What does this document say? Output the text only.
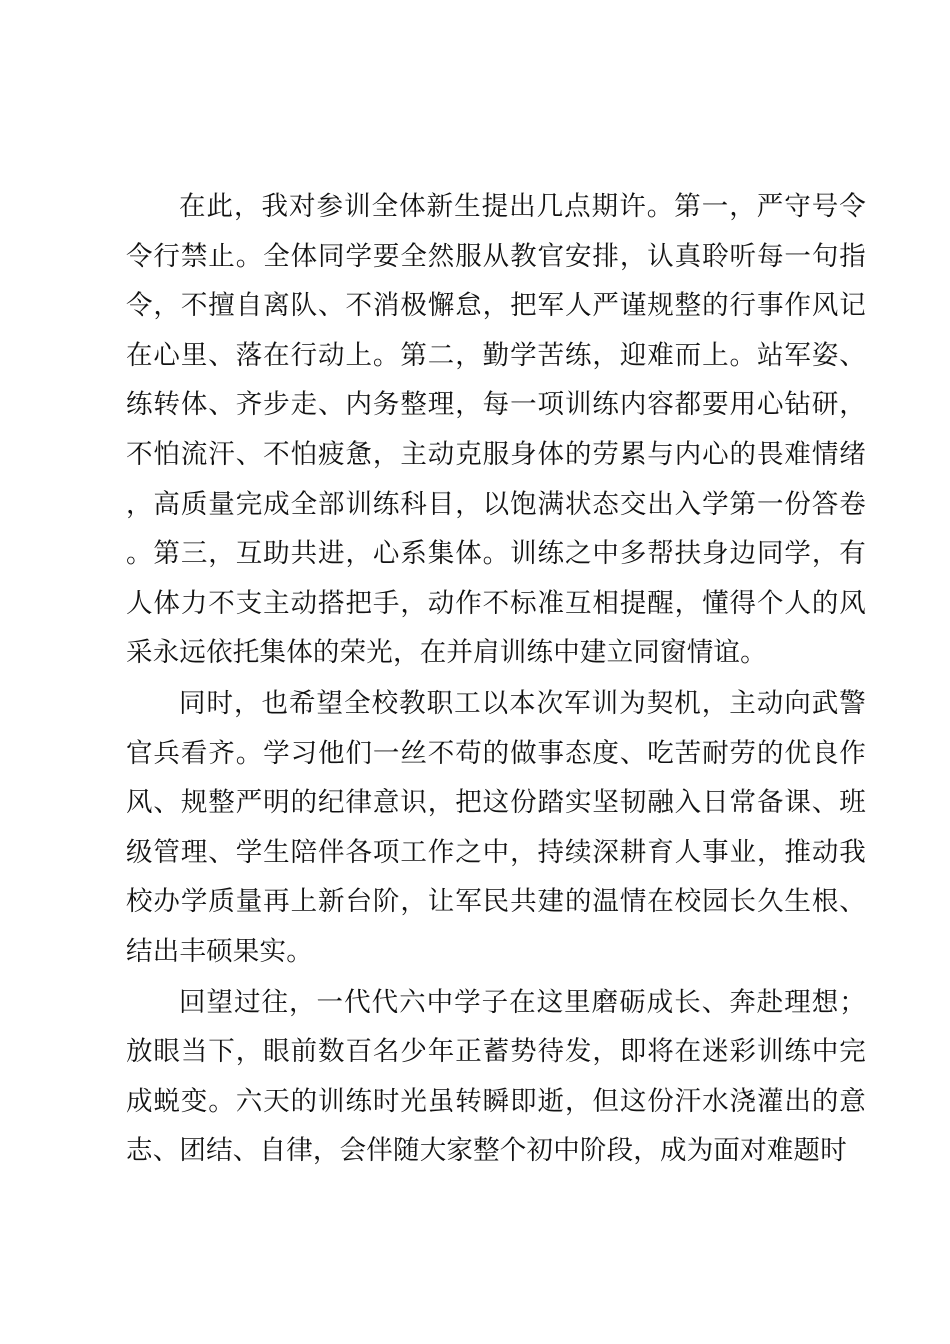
在此，我对参训全体新生提出几点期许。第一，严守号令令行禁止。全体同学要全然服从教官安排，认真聆听每一句指令，不擅自离队、不消极懈怠，把军人严谨规整的行事作风记在心里、落在行动上。第二，勤学苦练，迎难而上。站军姿、练转体、齐步走、内务整理，每一项训练内容都要用心钻研，不怕流汗、不怕疲惫，主动克服身体的劳累与内心的畏难情绪，高质量完成全部训练科目，以饱满状态交出入学第一份答卷。第三，互助共进，心系集体。训练之中多帮扶身边同学，有人体力不支主动搭把手，动作不标准互相提醒，懂得个人的风采永远依托集体的荣光，在并肩训练中建立同窗情谊。

同时，也希望全校教职工以本次军训为契机，主动向武警官兵看齐。学习他们一丝不苟的做事态度、吃苦耐劳的优良作风、规整严明的纪律意识，把这份踏实坚韧融入日常备课、班级管理、学生陪伴各项工作之中，持续深耕育人事业，推动我校办学质量再上新台阶，让军民共建的温情在校园长久生根、结出丰硕果实。

回望过往，一代代六中学子在这里磨砺成长、奔赴理想；放眼当下，眼前数百名少年正蓄势待发，即将在迷彩训练中完成蜕变。六天的训练时光虽转瞬即逝，但这份汗水浇灌出的意志、团结、自律，会伴随大家整个初中阶段，成为面对难题时
